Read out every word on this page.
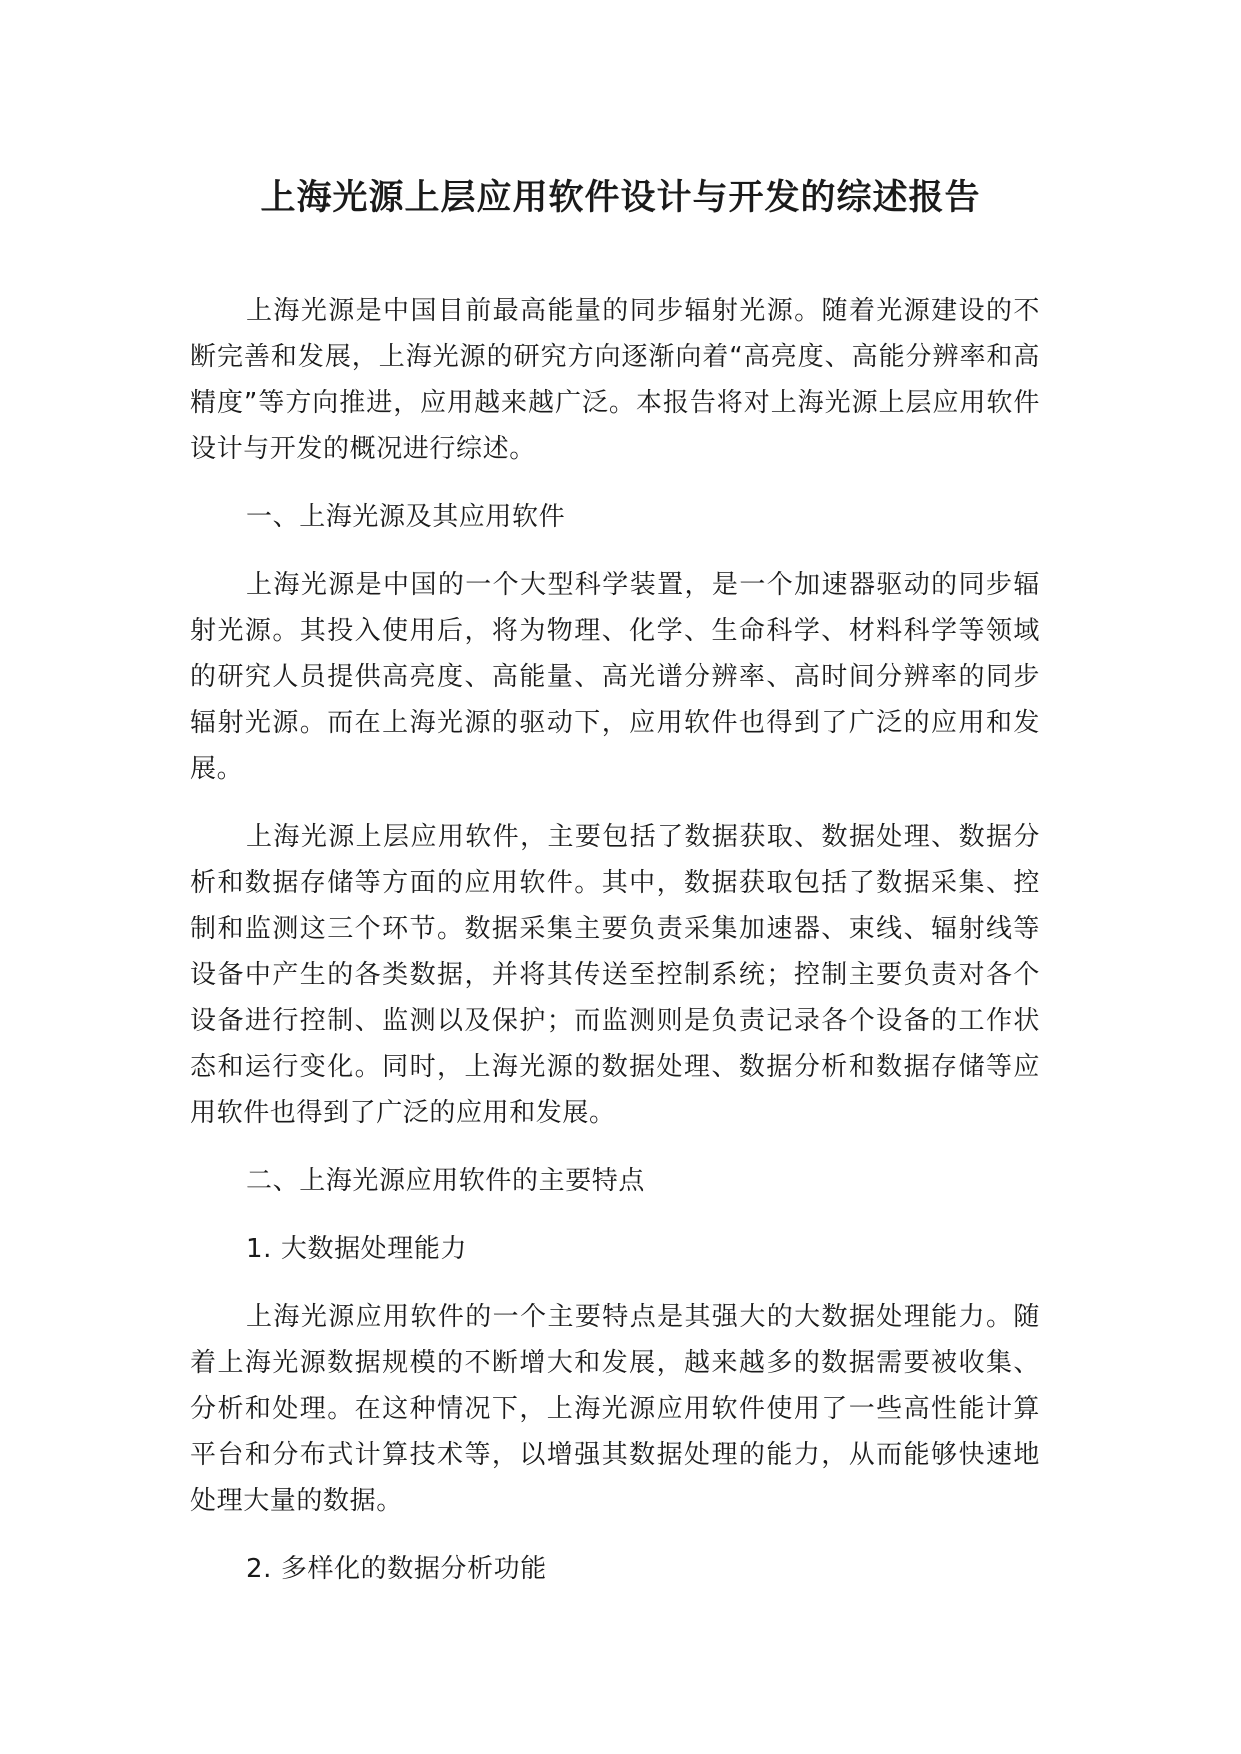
上海光源上层应用软件设计与开发的综述报告

上海光源是中国目前最高能量的同步辐射光源。随着光源建设的不断完善和发展，上海光源的研究方向逐渐向着“高亮度、高能分辨率和高精度”等方向推进，应用越来越广泛。本报告将对上海光源上层应用软件设计与开发的概况进行综述。

一、上海光源及其应用软件

上海光源是中国的一个大型科学装置，是一个加速器驱动的同步辐射光源。其投入使用后，将为物理、化学、生命科学、材料科学等领域的研究人员提供高亮度、高能量、高光谱分辨率、高时间分辨率的同步辐射光源。而在上海光源的驱动下，应用软件也得到了广泛的应用和发展。

上海光源上层应用软件，主要包括了数据获取、数据处理、数据分析和数据存储等方面的应用软件。其中，数据获取包括了数据采集、控制和监测这三个环节。数据采集主要负责采集加速器、束线、辐射线等设备中产生的各类数据，并将其传送至控制系统；控制主要负责对各个设备进行控制、监测以及保护；而监测则是负责记录各个设备的工作状态和运行变化。同时，上海光源的数据处理、数据分析和数据存储等应用软件也得到了广泛的应用和发展。

二、上海光源应用软件的主要特点

1. 大数据处理能力

上海光源应用软件的一个主要特点是其强大的大数据处理能力。随着上海光源数据规模的不断增大和发展，越来越多的数据需要被收集、分析和处理。在这种情况下，上海光源应用软件使用了一些高性能计算平台和分布式计算技术等，以增强其数据处理的能力，从而能够快速地处理大量的数据。

2. 多样化的数据分析功能
